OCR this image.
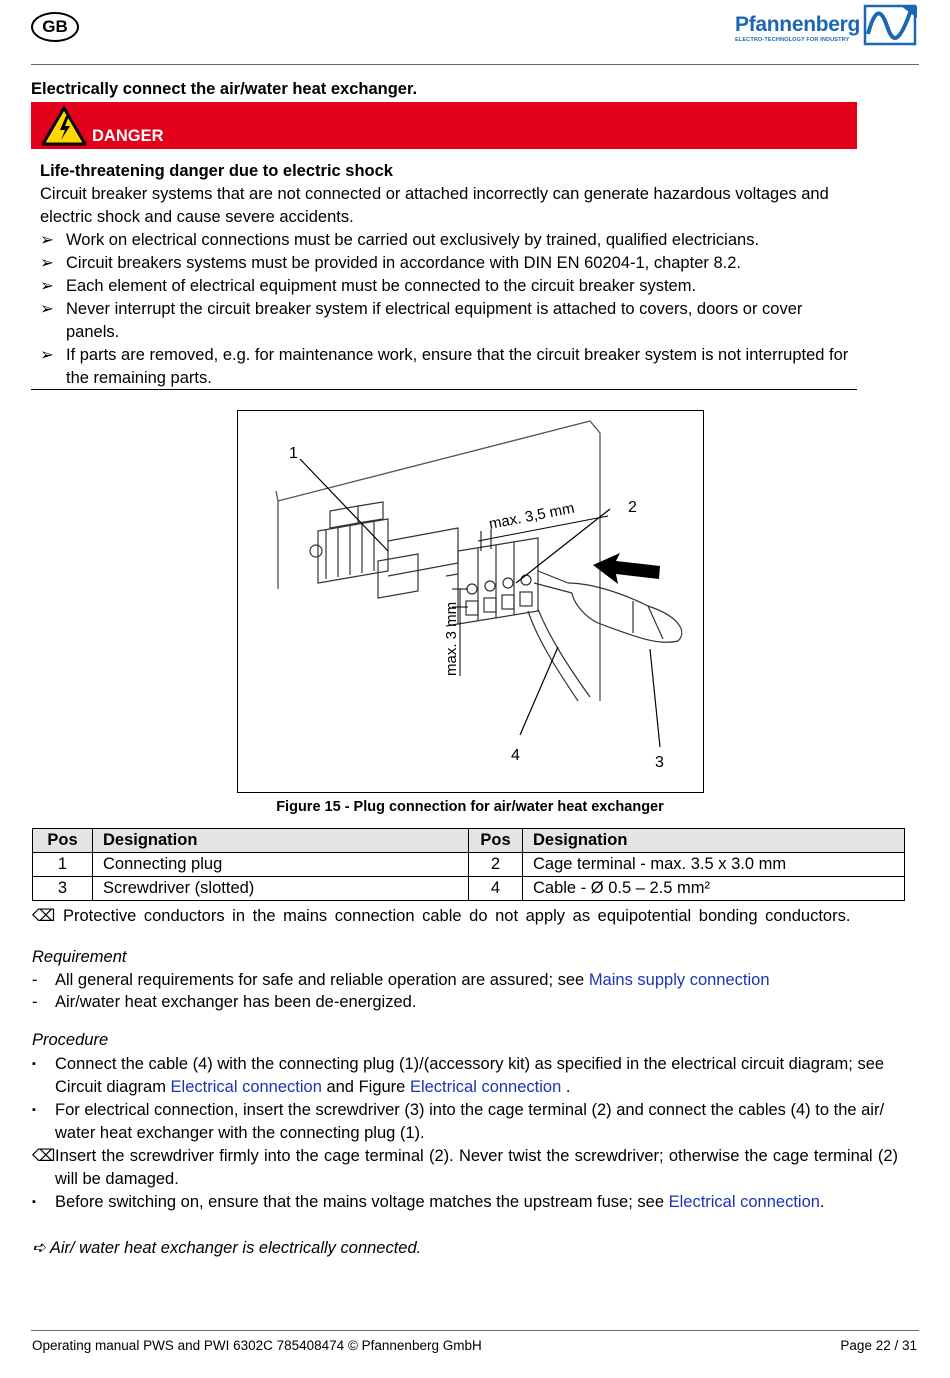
GB	Pfannenberg
ELECTRO-TECHNOLOGY FOR INDUSTRY
Electrically connect the air/water heat exchanger.
DANGER

Life-threatening danger due to electric shock

Circuit breaker systems that are not connected or attached incorrectly can generate hazardous voltages and electric shock and cause severe accidents.

➢ Work on electrical connections must be carried out exclusively by trained, qualified electricians.
➢ Circuit breakers systems must be provided in accordance with DIN EN 60204-1, chapter 8.2.
➢ Each element of electrical equipment must be connected to the circuit breaker system.
➢ Never interrupt the circuit breaker system if electrical equipment is attached to covers, doors or cover panels.
➢ If parts are removed, e.g. for maintenance work, ensure that the circuit breaker system is not interrupted for the remaining parts.
max. 3,5 mm
max. 3 mm
1
2
3
4
Figure 15 - Plug connection for air/water heat exchanger
Pos	Designation	Pos	Designation
1	Connecting plug	2	Cage terminal - max. 3.5 x 3.0 mm
3	Screwdriver (slotted)	4	Cable - Ø 0.5 – 2.5 mm²
⌫ Protective conductors in the mains connection cable do not apply as equipotential bonding conductors.
Requirement
- All general requirements for safe and reliable operation are assured; see Mains supply connection
- Air/water heat exchanger has been de-energized.
Procedure
▪ Connect the cable (4) with the connecting plug (1)/(accessory kit) as specified in the electrical circuit diagram; see Circuit diagram Electrical connection and Figure Electrical connection .
▪ For electrical connection, insert the screwdriver (3) into the cage terminal (2) and connect the cables (4) to the air/ water heat exchanger with the connecting plug (1).
⌫ Insert the screwdriver firmly into the cage terminal (2). Never twist the screwdriver; otherwise the cage terminal (2) will be damaged.
▪ Before switching on, ensure that the mains voltage matches the upstream fuse; see Electrical connection.
➪ Air/ water heat exchanger is electrically connected.
Operating manual PWS and PWI 6302C 785408474 © Pfannenberg GmbH	Page 22 / 31
